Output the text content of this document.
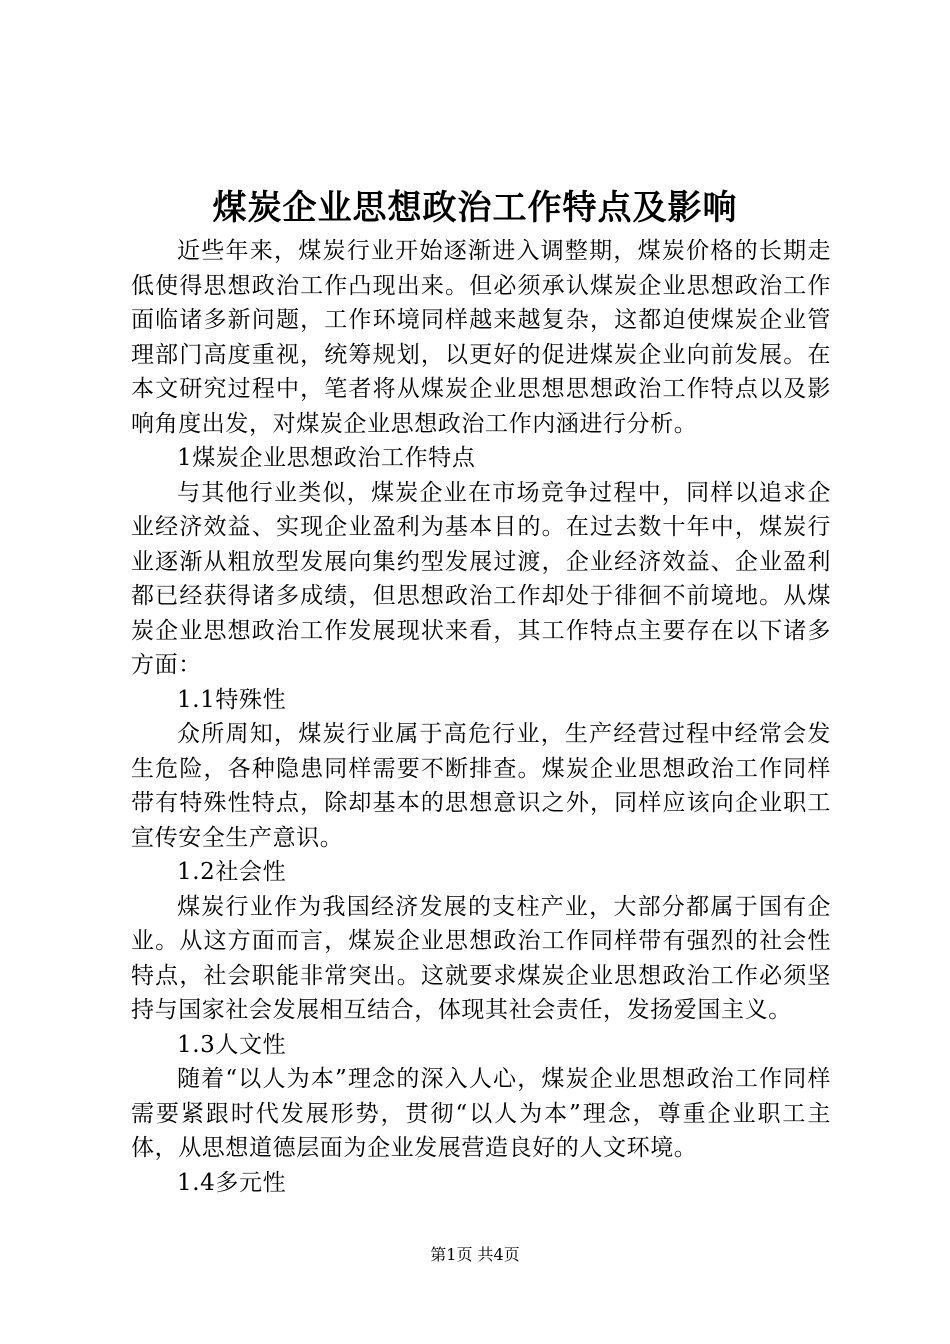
煤炭企业思想政治工作特点及影响

近些年来，煤炭行业开始逐渐进入调整期，煤炭价格的长期走低使得思想政治工作凸现出来。但必须承认煤炭企业思想政治工作面临诸多新问题，工作环境同样越来越复杂，这都迫使煤炭企业管理部门高度重视，统筹规划，以更好的促进煤炭企业向前发展。在本文研究过程中，笔者将从煤炭企业思想思想政治工作特点以及影响角度出发，对煤炭企业思想政治工作内涵进行分析。

1煤炭企业思想政治工作特点

与其他行业类似，煤炭企业在市场竞争过程中，同样以追求企业经济效益、实现企业盈利为基本目的。在过去数十年中，煤炭行业逐渐从粗放型发展向集约型发展过渡，企业经济效益、企业盈利都已经获得诸多成绩，但思想政治工作却处于徘徊不前境地。从煤炭企业思想政治工作发展现状来看，其工作特点主要存在以下诸多方面：

1.1特殊性

众所周知，煤炭行业属于高危行业，生产经营过程中经常会发生危险，各种隐患同样需要不断排查。煤炭企业思想政治工作同样带有特殊性特点，除却基本的思想意识之外，同样应该向企业职工宣传安全生产意识。

1.2社会性

煤炭行业作为我国经济发展的支柱产业，大部分都属于国有企业。从这方面而言，煤炭企业思想政治工作同样带有强烈的社会性特点，社会职能非常突出。这就要求煤炭企业思想政治工作必须坚持与国家社会发展相互结合，体现其社会责任，发扬爱国主义。

1.3人文性

随着“以人为本”理念的深入人心，煤炭企业思想政治工作同样需要紧跟时代发展形势，贯彻“以人为本”理念，尊重企业职工主体，从思想道德层面为企业发展营造良好的人文环境。

1.4多元性

第1页 共4页
